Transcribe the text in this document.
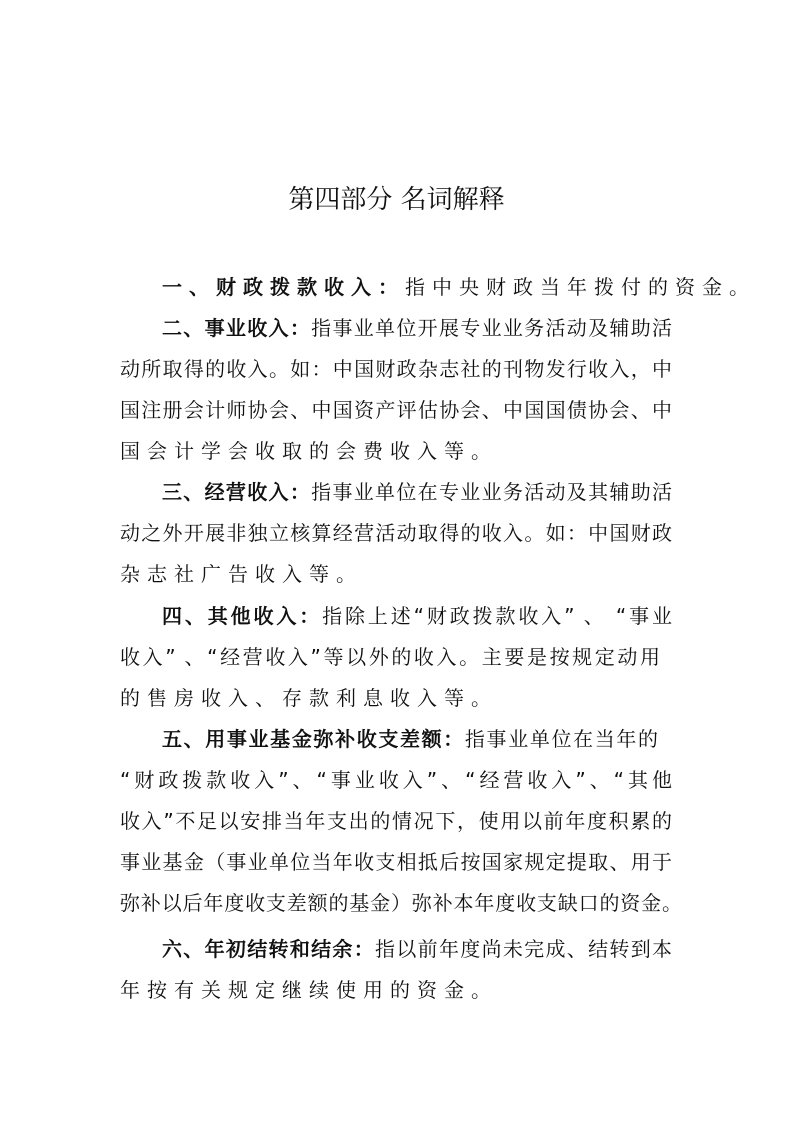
第四部分 名词解释
一、财政拨款收入：指中央财政当年拨付的资金。
二、事业收入：指事业单位开展专业业务活动及辅助活
动所取得的收入。如：中国财政杂志社的刊物发行收入，中
国注册会计师协会、中国资产评估协会、中国国债协会、中
国会计学会收取的会费收入等。
三、经营收入：指事业单位在专业业务活动及其辅助活
动之外开展非独立核算经营活动取得的收入。如：中国财政
杂志社广告收入等。
四、其他收入：指除上述“财政拨款收入” 、 “事业
收入” 、“经营收入”等以外的收入。主要是按规定动用
的售房收入、存款利息收入等。
五、用事业基金弥补收支差额：指事业单位在当年的
“财政拨款收入”、“事业收入”、“经营收入”、“其他
收入”不足以安排当年支出的情况下，使用以前年度积累的
事业基金（事业单位当年收支相抵后按国家规定提取、用于
弥补以后年度收支差额的基金）弥补本年度收支缺口的资金。
六、年初结转和结余：指以前年度尚未完成、结转到本
年按有关规定继续使用的资金。
